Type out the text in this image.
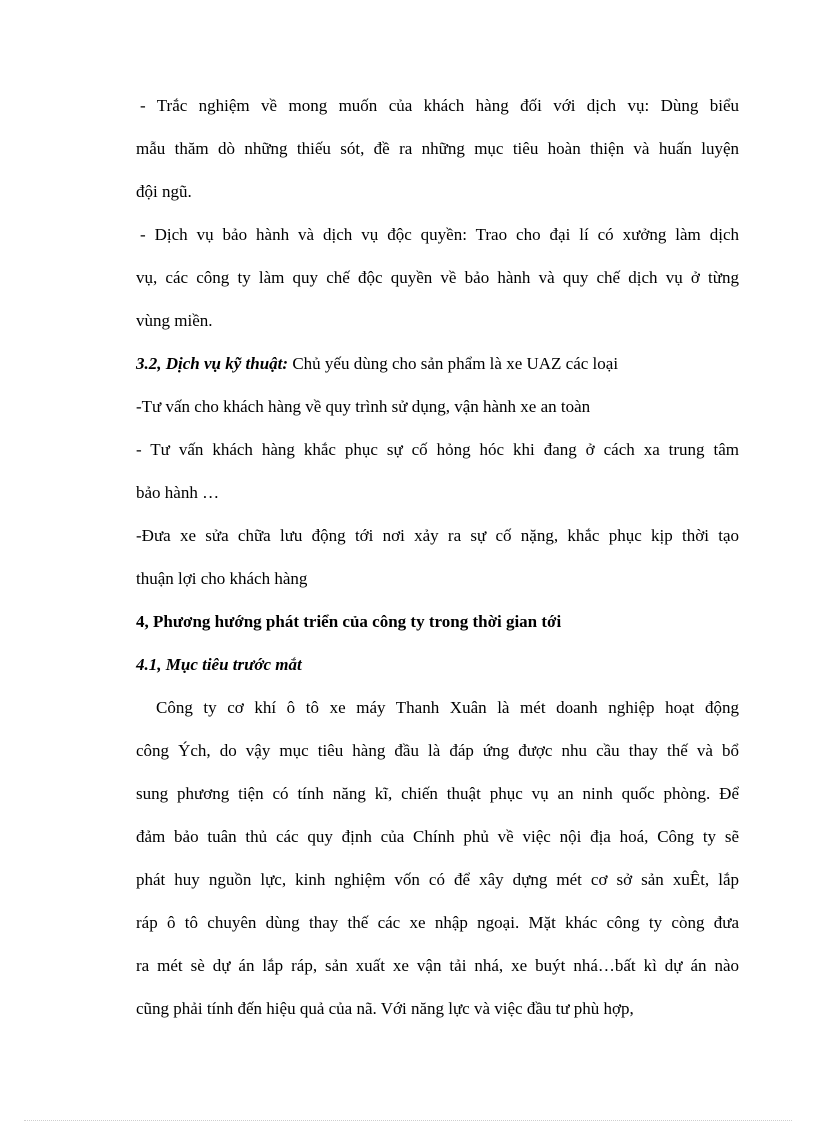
- Trắc nghiệm về mong muốn của khách hàng đối với dịch vụ: Dùng biểu
mẫu thăm dò những thiếu sót, đề ra những mục tiêu hoàn thiện và huấn luyện
đội ngũ.
- Dịch vụ bảo hành và dịch vụ độc quyền: Trao cho đại lí có xưởng làm dịch
vụ, các công ty làm quy chế độc quyền về bảo hành và quy chế dịch vụ ở từng
vùng miền.
3.2, Dịch vụ kỹ thuật: Chủ yếu dùng cho sản phẩm là xe UAZ các loại
-Tư vấn cho khách hàng về quy trình sử dụng, vận hành xe an toàn
- Tư vấn khách hàng khắc phục sự cố hỏng hóc khi đang ở cách xa trung tâm
bảo hành …
-Đưa xe sửa chữa lưu động tới nơi xảy ra sự cố nặng, khắc phục kịp thời tạo
thuận lợi cho khách hàng
4, Phương hướng phát triển của công ty trong thời gian tới
4.1, Mục tiêu trước mắt
Công ty cơ khí ô tô xe máy Thanh Xuân là mét doanh nghiệp hoạt động
công Ých, do vậy mục tiêu hàng đầu là đáp ứng được nhu cầu thay thế và bổ
sung phương tiện có tính năng kĩ, chiến thuật phục vụ an ninh quốc phòng. Để
đảm bảo tuân thủ các quy định của Chính phủ về việc nội địa hoá, Công ty sẽ
phát huy nguồn lực, kinh nghiệm vốn có để xây dựng mét cơ sở sản xuÊt, lắp
ráp ô tô chuyên dùng thay thế các xe nhập ngoại. Mặt khác công ty còng đưa
ra mét sè dự án lắp ráp, sản xuất xe vận tải nhá, xe buýt nhá…bất kì dự án nào
cũng phải tính đến hiệu quả của nã. Với năng lực và việc đầu tư phù hợp,
